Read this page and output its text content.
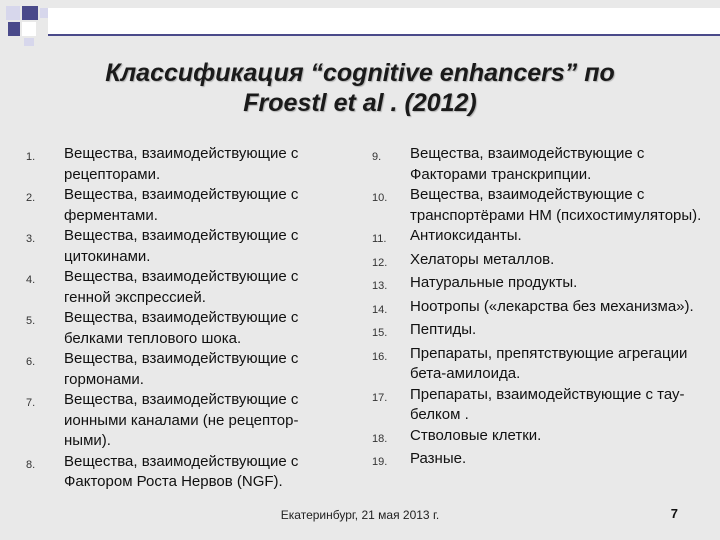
Классификация “cognitive enhancers” по
Froestl et al . (2012)
1.	Вещества, взаимодействующие с рецепторами.
2.	Вещества, взаимодействующие с ферментами.
3.	Вещества, взаимодействующие с цитокинами.
4.	Вещества, взаимодействующие с генной экспрессией.
5.	Вещества, взаимодействующие с белками теплового шока.
6.	Вещества, взаимодействующие с гормонами.
7.	Вещества, взаимодействующие с ионными каналами (не рецептор-ными).
8.	Вещества, взаимодействующие с Фактором Роста Нервов (NGF).
9.	Вещества, взаимодействующие с Факторами транскрипции.
10.	Вещества, взаимодействующие с транспортёрами НМ (психостимуляторы).
11.	Антиоксиданты.
12.	Хелаторы металлов.
13.	Натуральные продукты.
14.	Ноотропы («лекарства без механизма»).
15.	Пептиды.
16.	Препараты, препятствующие агрегации бета-амилоида.
17.	Препараты, взаимодействующие с тау-белком .
18.	Стволовые клетки.
19.	Разные.
Екатеринбург, 21 мая 2013 г.	7
